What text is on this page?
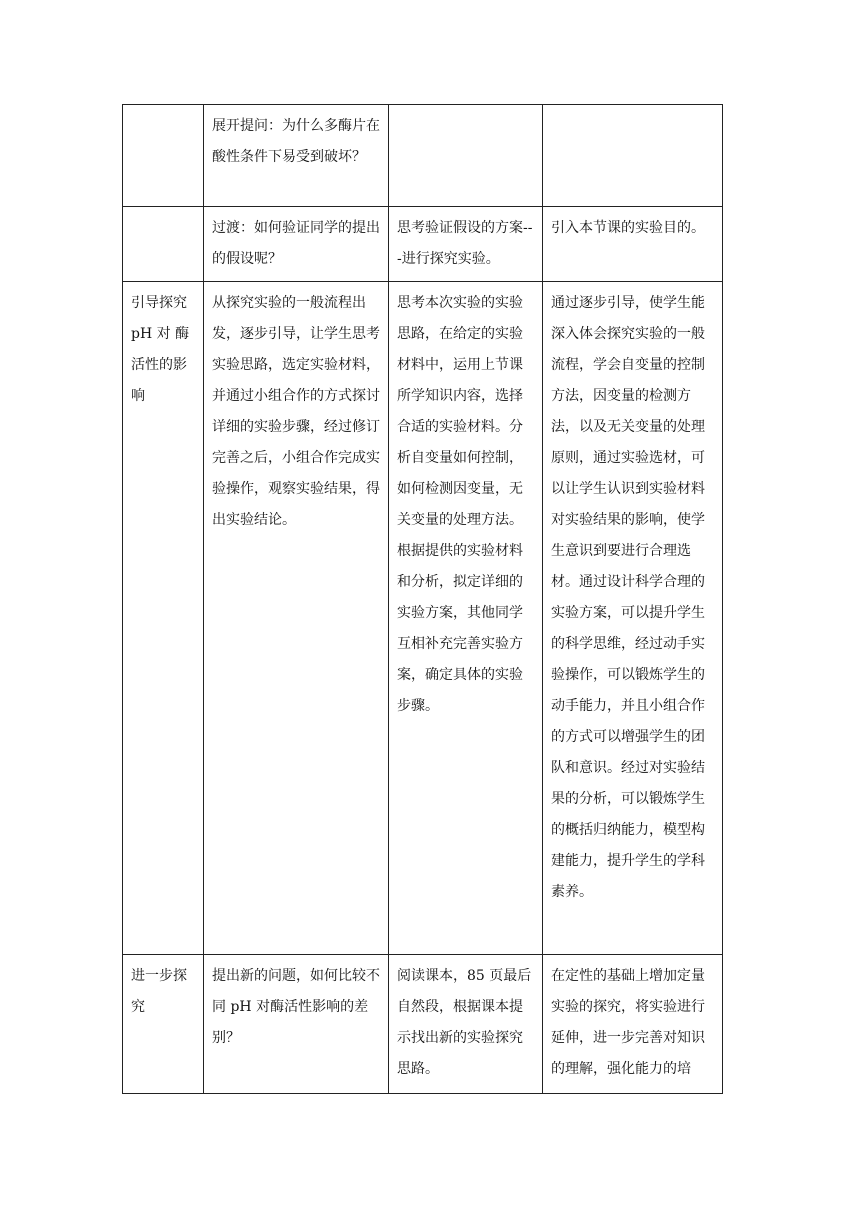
	展开提问：为什么多酶片在酸性条件下易受到破坏？		
	过渡：如何验证同学的提出的假设呢？	思考验证假设的方案---进行探究实验。	引入本节课的实验目的。
引导探究pH 对 酶活性的影响	从探究实验的一般流程出发，逐步引导，让学生思考实验思路，选定实验材料，并通过小组合作的方式探讨详细的实验步骤，经过修订完善之后，小组合作完成实验操作，观察实验结果，得出实验结论。	思考本次实验的实验思路，在给定的实验材料中，运用上节课所学知识内容，选择合适的实验材料。分析自变量如何控制，如何检测因变量，无关变量的处理方法。
根据提供的实验材料和分析，拟定详细的实验方案，其他同学互相补充完善实验方案，确定具体的实验步骤。	通过逐步引导，使学生能深入体会探究实验的一般流程，学会自变量的控制方法，因变量的检测方法，以及无关变量的处理原则，通过实验选材，可以让学生认识到实验材料对实验结果的影响，使学生意识到要进行合理选材。通过设计科学合理的实验方案，可以提升学生的科学思维，经过动手实验操作，可以锻炼学生的动手能力，并且小组合作的方式可以增强学生的团队和意识。经过对实验结果的分析，可以锻炼学生的概括归纳能力，模型构建能力，提升学生的学科素养。
进一步探究	提出新的问题，如何比较不同 pH 对酶活性影响的差别？	阅读课本，85 页最后自然段，根据课本提示找出新的实验探究思路。	在定性的基础上增加定量实验的探究，将实验进行延伸，进一步完善对知识的理解，强化能力的培
